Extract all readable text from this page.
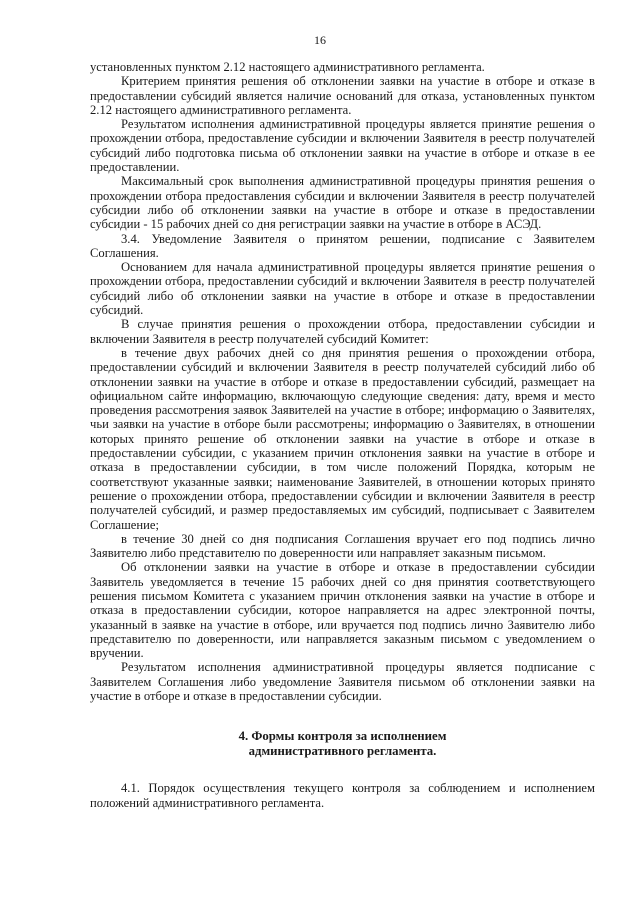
16

установленных пунктом 2.12 настоящего административного регламента.

Критерием принятия решения об отклонении заявки на участие в отборе и отказе в предоставлении субсидий является наличие оснований для отказа, установленных пунктом 2.12 настоящего административного регламента.

Результатом исполнения административной процедуры является принятие решения о прохождении отбора, предоставление субсидии и включении Заявителя в реестр получателей субсидий либо подготовка письма об отклонении заявки на участие в отборе и отказе в ее предоставлении.

Максимальный срок выполнения административной процедуры принятия решения о прохождении отбора предоставления субсидии и включении Заявителя в реестр получателей субсидии либо об отклонении заявки на участие в отборе и отказе в предоставлении субсидии - 15 рабочих дней со дня регистрации заявки на участие в отборе в АСЭД.

3.4. Уведомление Заявителя о принятом решении, подписание с Заявителем Соглашения.

Основанием для начала административной процедуры является принятие решения о прохождении отбора, предоставлении субсидий и включении Заявителя в реестр получателей субсидий либо об отклонении заявки на участие в отборе и отказе в предоставлении субсидий.

В случае принятия решения о прохождении отбора, предоставлении субсидии и включении Заявителя в реестр получателей субсидий Комитет:

в течение двух рабочих дней со дня принятия решения о прохождении отбора, предоставлении субсидий и включении Заявителя в реестр получателей субсидий либо об отклонении заявки на участие в отборе и отказе в предоставлении субсидий, размещает на официальном сайте информацию, включающую следующие сведения: дату, время и место проведения рассмотрения заявок Заявителей на участие в отборе; информацию о Заявителях, чьи заявки на участие в отборе были рассмотрены; информацию о Заявителях, в отношении которых принято решение об отклонении заявки на участие в отборе и отказе в предоставлении субсидии, с указанием причин отклонения заявки на участие в отборе и отказа в предоставлении субсидии, в том числе положений Порядка, которым не соответствуют указанные заявки; наименование Заявителей, в отношении которых принято решение о прохождении отбора, предоставлении субсидии и включении Заявителя в реестр получателей субсидий, и размер предоставляемых им субсидий, подписывает с Заявителем Соглашение;

в течение 30 дней со дня подписания Соглашения вручает его под подпись лично Заявителю либо представителю по доверенности или направляет заказным письмом.

Об отклонении заявки на участие в отборе и отказе в предоставлении субсидии Заявитель уведомляется в течение 15 рабочих дней со дня принятия соответствующего решения письмом Комитета с указанием причин отклонения заявки на участие в отборе и отказа в предоставлении субсидии, которое направляется на адрес электронной почты, указанный в заявке на участие в отборе, или вручается под подпись лично Заявителю либо представителю по доверенности, или направляется заказным письмом с уведомлением о вручении.

Результатом исполнения административной процедуры является подписание с Заявителем Соглашения либо уведомление Заявителя письмом об отклонении заявки на участие в отборе и отказе в предоставлении субсидии.

4. Формы контроля за исполнением
административного регламента.

4.1. Порядок осуществления текущего контроля за соблюдением и исполнением положений административного регламента.
